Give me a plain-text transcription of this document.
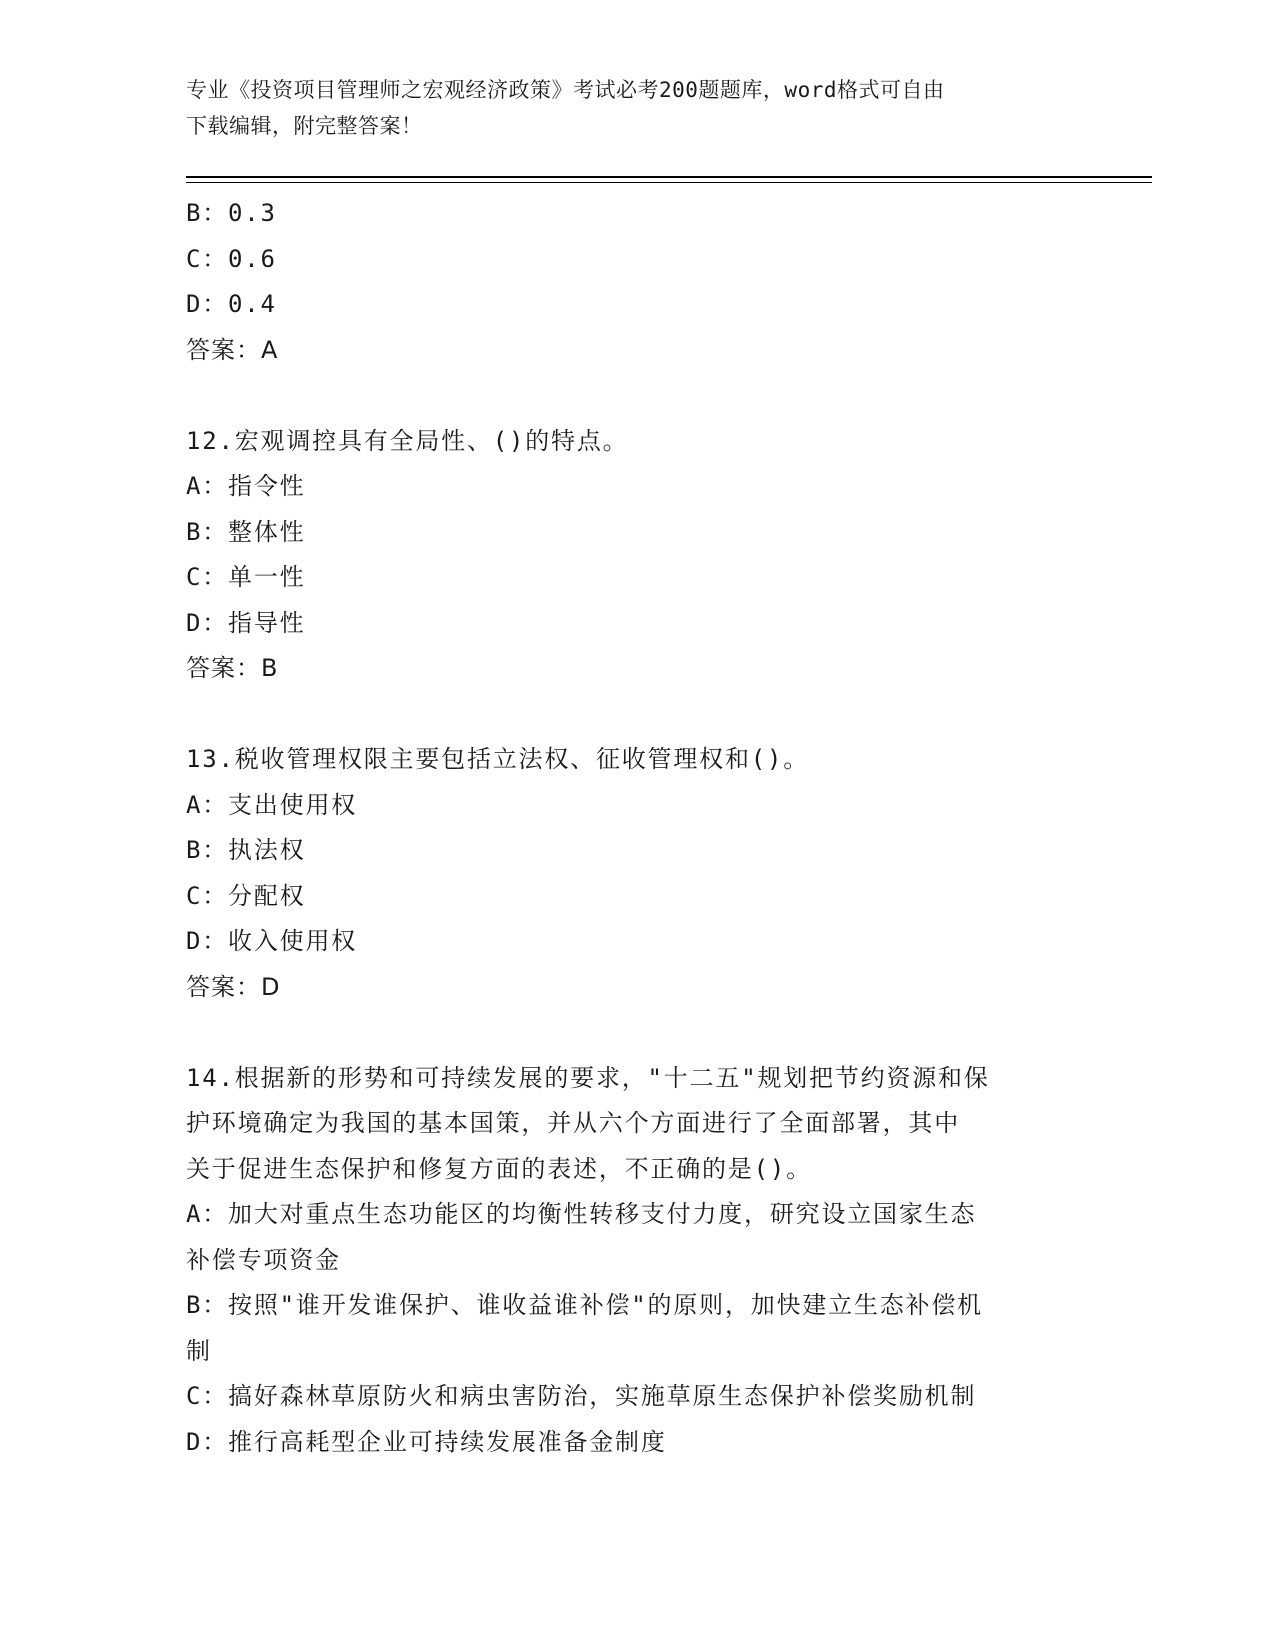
专业《投资项目管理师之宏观经济政策》考试必考200题题库，word格式可自由
下载编辑，附完整答案！
B：0.3
C：0.6
D：0.4
答案：A
12.宏观调控具有全局性、()的特点。
A：指令性
B：整体性
C：单一性
D：指导性
答案：B
13.税收管理权限主要包括立法权、征收管理权和()。
A：支出使用权
B：执法权
C：分配权
D：收入使用权
答案：D
14.根据新的形势和可持续发展的要求，"十二五"规划把节约资源和保
护环境确定为我国的基本国策，并从六个方面进行了全面部署，其中
关于促进生态保护和修复方面的表述，不正确的是()。
A：加大对重点生态功能区的均衡性转移支付力度，研究设立国家生态
补偿专项资金
B：按照"谁开发谁保护、谁收益谁补偿"的原则，加快建立生态补偿机
制
C：搞好森林草原防火和病虫害防治，实施草原生态保护补偿奖励机制
D：推行高耗型企业可持续发展准备金制度
